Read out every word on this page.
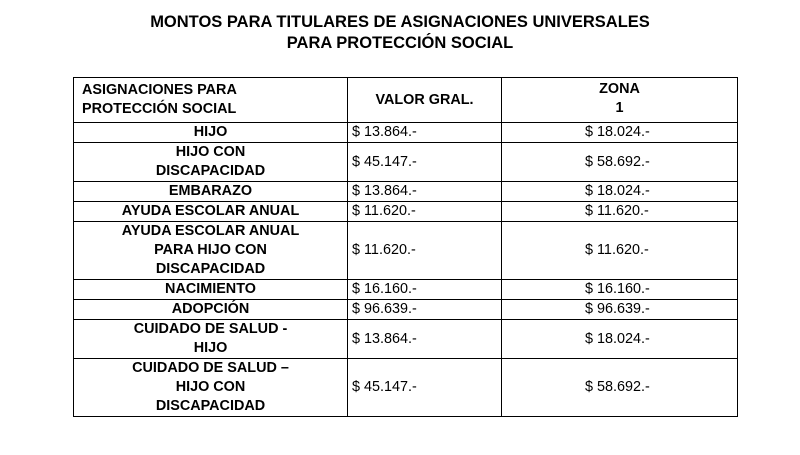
MONTOS PARA TITULARES DE ASIGNACIONES UNIVERSALES
PARA PROTECCIÓN SOCIAL
ASIGNACIONES PARA
PROTECCIÓN SOCIAL	VALOR GRAL.	ZONA
1
HIJO	$ 13.864.-	$ 18.024.-
HIJO CON
DISCAPACIDAD	$ 45.147.-	$ 58.692.-
EMBARAZO	$ 13.864.-	$ 18.024.-
AYUDA ESCOLAR ANUAL	$ 11.620.-	$ 11.620.-
AYUDA ESCOLAR ANUAL
PARA HIJO CON
DISCAPACIDAD	$ 11.620.-	$ 11.620.-
NACIMIENTO	$ 16.160.-	$ 16.160.-
ADOPCIÓN	$ 96.639.-	$ 96.639.-
CUIDADO DE SALUD -
HIJO	$ 13.864.-	$ 18.024.-
CUIDADO DE SALUD –
HIJO CON
DISCAPACIDAD	$ 45.147.-	$ 58.692.-
